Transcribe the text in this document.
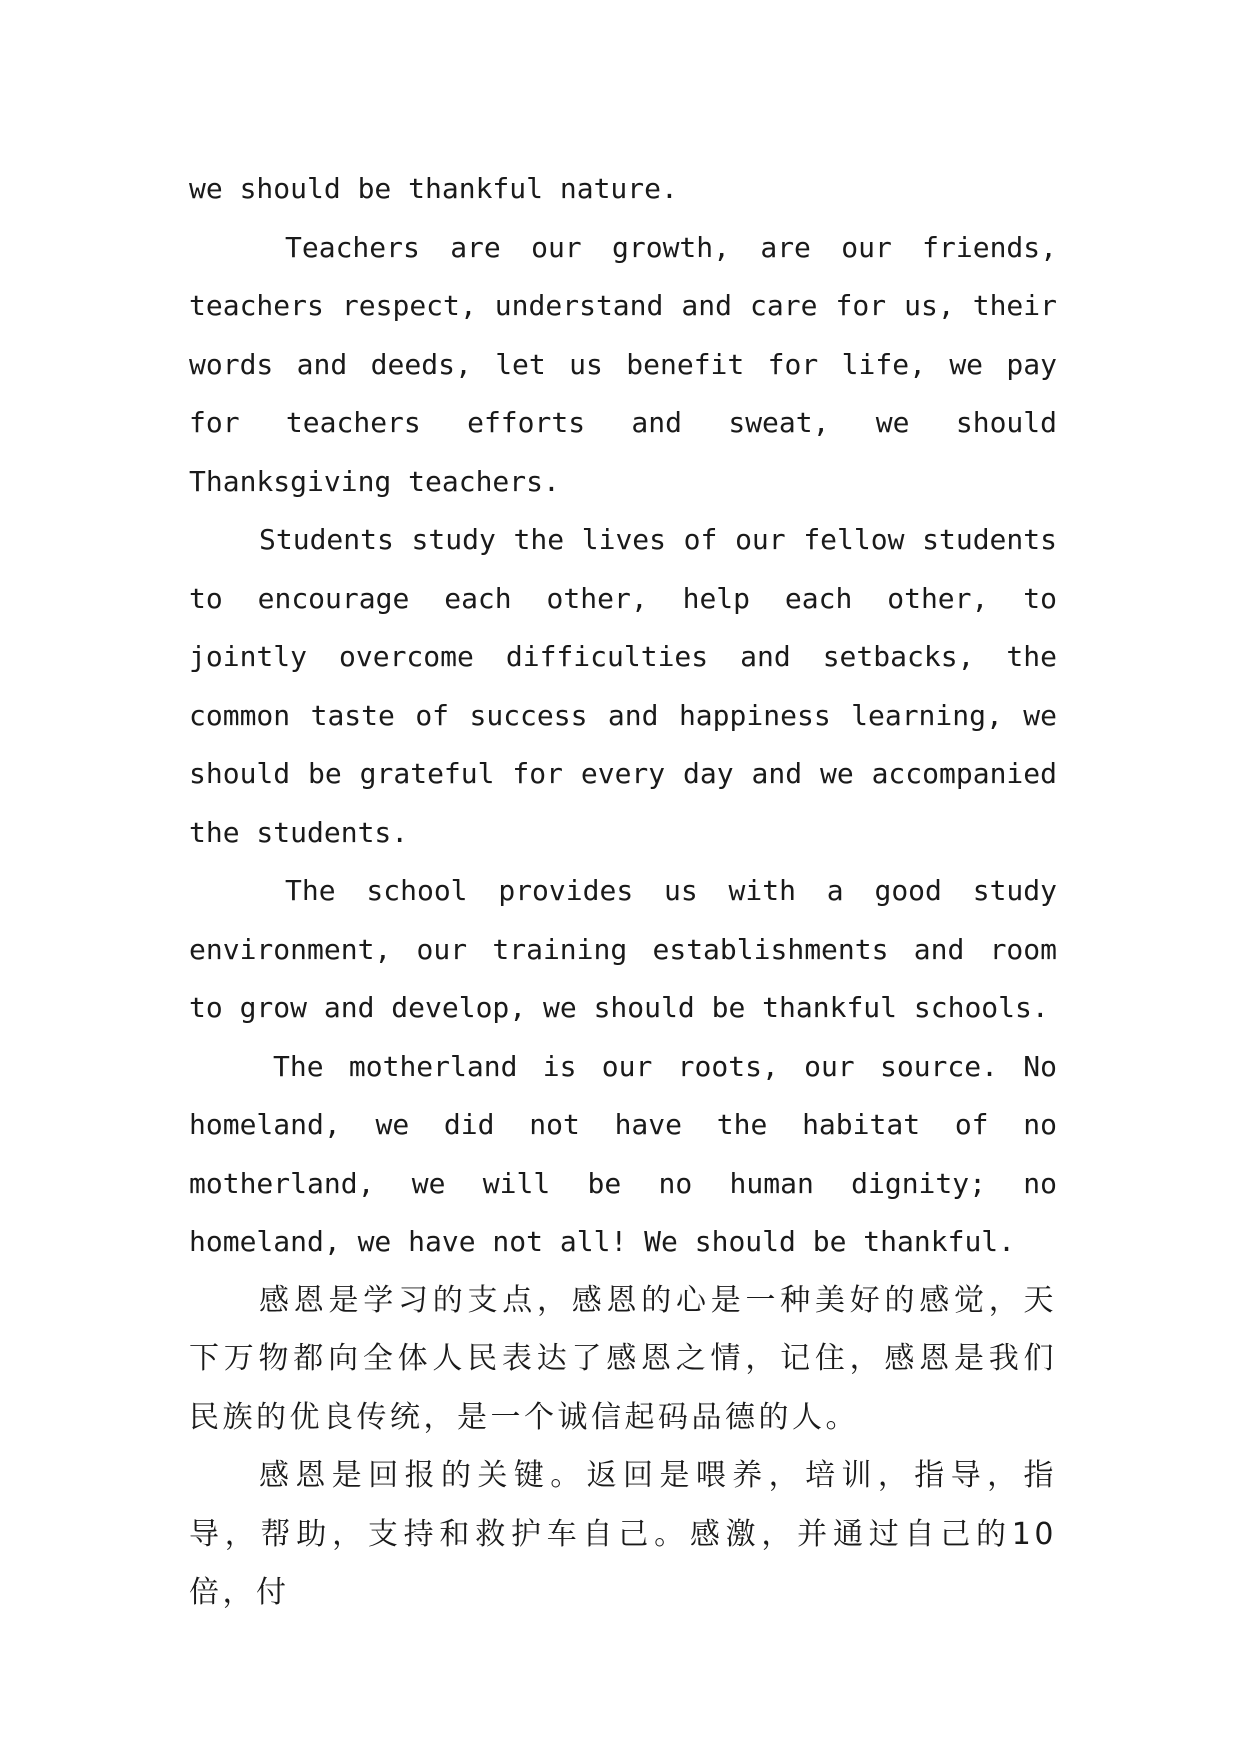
we should be thankful nature.

Teachers are our growth, are our friends, teachers respect, understand and care for us, their words and deeds, let us benefit for life, we pay for teachers efforts and sweat, we should Thanksgiving teachers.

Students study the lives of our fellow students to encourage each other, help each other, to jointly overcome difficulties and setbacks, the common taste of success and happiness learning, we should be grateful for every day and we accompanied the students.

The school provides us with a good study environment, our training establishments and room to grow and develop, we should be thankful schools.

The motherland is our roots, our source. No homeland, we did not have the habitat of no motherland, we will be no human dignity; no homeland, we have not all! We should be thankful.

感恩是学习的支点，感恩的心是一种美好的感觉，天下万物都向全体人民表达了感恩之情，记住，感恩是我们民族的优良传统，是一个诚信起码品德的人。

感恩是回报的关键。返回是喂养，培训，指导，指导，帮助，支持和救护车自己。感激，并通过自己的10倍，付
